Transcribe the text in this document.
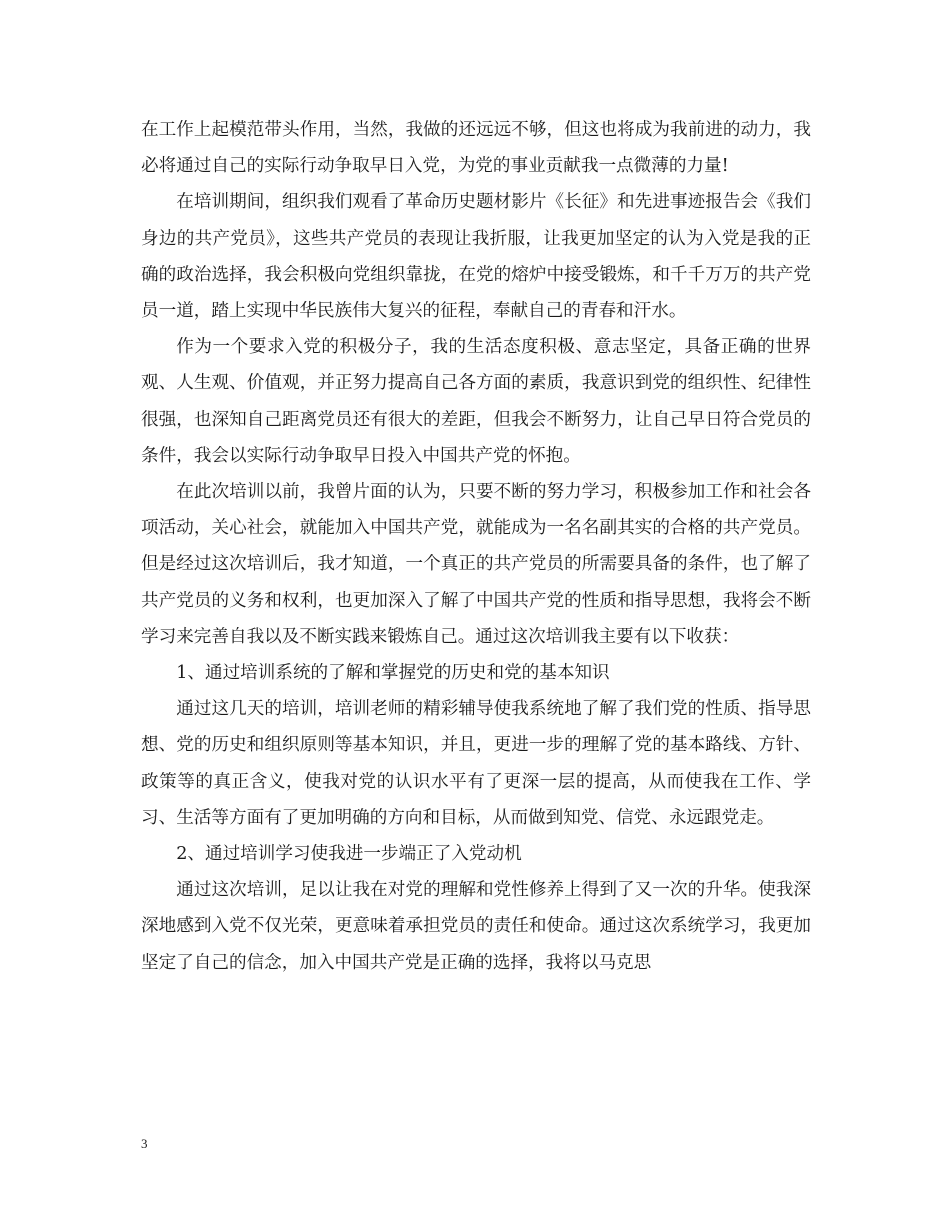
在工作上起模范带头作用，当然，我做的还远远不够，但这也将成为我前进的动力，我必将通过自己的实际行动争取早日入党，为党的事业贡献我一点微薄的力量!

在培训期间，组织我们观看了革命历史题材影片《长征》和先进事迹报告会《我们身边的共产党员》，这些共产党员的表现让我折服，让我更加坚定的认为入党是我的正确的政治选择，我会积极向党组织靠拢，在党的熔炉中接受锻炼，和千千万万的共产党员一道，踏上实现中华民族伟大复兴的征程，奉献自己的青春和汗水。

作为一个要求入党的积极分子，我的生活态度积极、意志坚定，具备正确的世界观、人生观、价值观，并正努力提高自己各方面的素质，我意识到党的组织性、纪律性很强，也深知自己距离党员还有很大的差距，但我会不断努力，让自己早日符合党员的条件，我会以实际行动争取早日投入中国共产党的怀抱。

在此次培训以前，我曾片面的认为，只要不断的努力学习，积极参加工作和社会各项活动，关心社会，就能加入中国共产党，就能成为一名名副其实的合格的共产党员。但是经过这次培训后，我才知道，一个真正的共产党员的所需要具备的条件，也了解了共产党员的义务和权利，也更加深入了解了中国共产党的性质和指导思想，我将会不断学习来完善自我以及不断实践来锻炼自己。通过这次培训我主要有以下收获：

1、通过培训系统的了解和掌握党的历史和党的基本知识

通过这几天的培训，培训老师的精彩辅导使我系统地了解了我们党的性质、指导思想、党的历史和组织原则等基本知识，并且，更进一步的理解了党的基本路线、方针、政策等的真正含义，使我对党的认识水平有了更深一层的提高，从而使我在工作、学习、生活等方面有了更加明确的方向和目标，从而做到知党、信党、永远跟党走。

2、通过培训学习使我进一步端正了入党动机

通过这次培训，足以让我在对党的理解和党性修养上得到了又一次的升华。使我深深地感到入党不仅光荣，更意味着承担党员的责任和使命。通过这次系统学习，我更加坚定了自己的信念，加入中国共产党是正确的选择，我将以马克思

3
